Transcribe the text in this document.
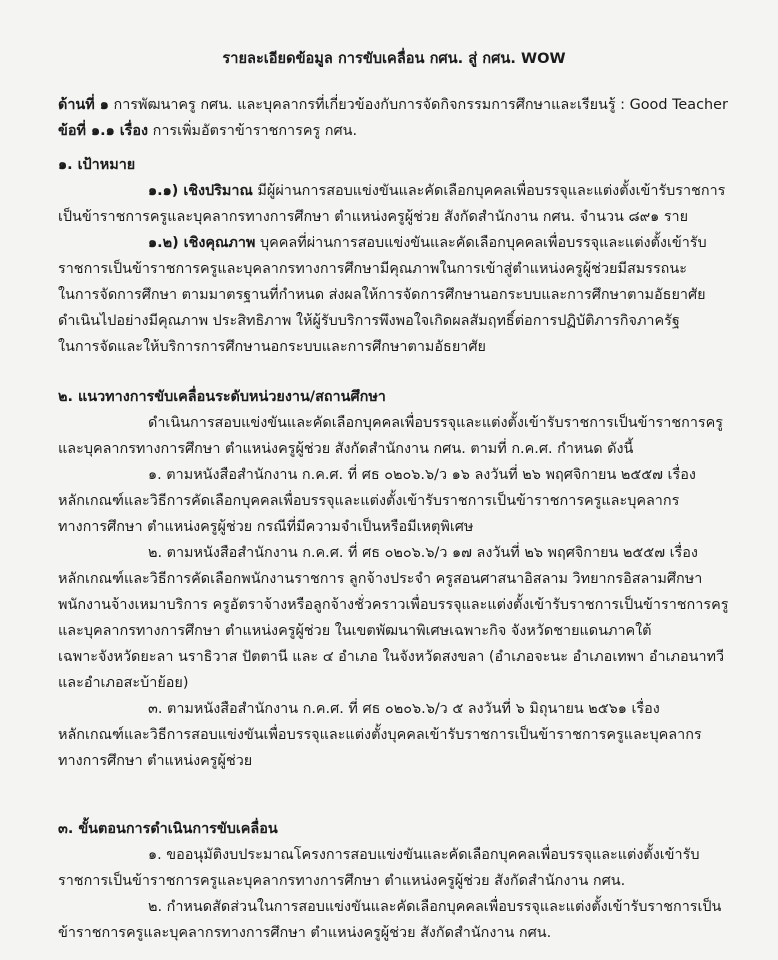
รายละเอียดข้อมูล การขับเคลื่อน กศน. สู่ กศน. WOW

ด้านที่ ๑ การพัฒนาครู กศน. และบุคลากรที่เกี่ยวข้องกับการจัดกิจกรรมการศึกษาและเรียนรู้ : Good Teacher

ข้อที่ ๑.๑ เรื่อง การเพิ่มอัตราข้าราชการครู กศน.

๑. เป้าหมาย

๑.๑) เชิงปริมาณ มีผู้ผ่านการสอบแข่งขันและคัดเลือกบุคคลเพื่อบรรจุและแต่งตั้งเข้ารับราชการ

เป็นข้าราชการครูและบุคลากรทางการศึกษา ตำแหน่งครูผู้ช่วย สังกัดสำนักงาน กศน. จำนวน ๘๙๑ ราย

๑.๒) เชิงคุณภาพ บุคคลที่ผ่านการสอบแข่งขันและคัดเลือกบุคคลเพื่อบรรจุและแต่งตั้งเข้ารับ

ราชการเป็นข้าราชการครูและบุคลากรทางการศึกษามีคุณภาพในการเข้าสู่ตำแหน่งครูผู้ช่วยมีสมรรถนะ

ในการจัดการศึกษา ตามมาตรฐานที่กำหนด ส่งผลให้การจัดการศึกษานอกระบบและการศึกษาตามอัธยาศัย

ดำเนินไปอย่างมีคุณภาพ ประสิทธิภาพ ให้ผู้รับบริการพึงพอใจเกิดผลสัมฤทธิ์ต่อการปฏิบัติภารกิจภาครัฐ

ในการจัดและให้บริการการศึกษานอกระบบและการศึกษาตามอัธยาศัย

๒. แนวทางการขับเคลื่อนระดับหน่วยงาน/สถานศึกษา

ดำเนินการสอบแข่งขันและคัดเลือกบุคคลเพื่อบรรจุและแต่งตั้งเข้ารับราชการเป็นข้าราชการครู

และบุคลากรทางการศึกษา ตำแหน่งครูผู้ช่วย สังกัดสำนักงาน กศน. ตามที่ ก.ค.ศ. กำหนด ดังนี้

๑. ตามหนังสือสำนักงาน ก.ค.ศ. ที่ ศธ ๐๒๐๖.๖/ว ๑๖ ลงวันที่ ๒๖ พฤศจิกายน ๒๕๕๗ เรื่อง

หลักเกณฑ์และวิธีการคัดเลือกบุคคลเพื่อบรรจุและแต่งตั้งเข้ารับราชการเป็นข้าราชการครูและบุคลากร

ทางการศึกษา ตำแหน่งครูผู้ช่วย กรณีที่มีความจำเป็นหรือมีเหตุพิเศษ

๒. ตามหนังสือสำนักงาน ก.ค.ศ. ที่ ศธ ๐๒๐๖.๖/ว ๑๗ ลงวันที่ ๒๖ พฤศจิกายน ๒๕๕๗ เรื่อง

หลักเกณฑ์และวิธีการคัดเลือกพนักงานราชการ ลูกจ้างประจำ ครูสอนศาสนาอิสลาม วิทยากรอิสลามศึกษา

พนักงานจ้างเหมาบริการ ครูอัตราจ้างหรือลูกจ้างชั่วคราวเพื่อบรรจุและแต่งตั้งเข้ารับราชการเป็นข้าราชการครู

และบุคลากรทางการศึกษา ตำแหน่งครูผู้ช่วย ในเขตพัฒนาพิเศษเฉพาะกิจ จังหวัดชายแดนภาคใต้

เฉพาะจังหวัดยะลา นราธิวาส ปัตตานี และ ๔ อำเภอ ในจังหวัดสงขลา (อำเภอจะนะ อำเภอเทพา อำเภอนาทวี

และอำเภอสะบ้าย้อย)

๓. ตามหนังสือสำนักงาน ก.ค.ศ. ที่ ศธ ๐๒๐๖.๖/ว ๕ ลงวันที่ ๖ มิถุนายน ๒๕๖๑ เรื่อง

หลักเกณฑ์และวิธีการสอบแข่งขันเพื่อบรรจุและแต่งตั้งบุคคลเข้ารับราชการเป็นข้าราชการครูและบุคลากร

ทางการศึกษา ตำแหน่งครูผู้ช่วย

๓. ขั้นตอนการดำเนินการขับเคลื่อน

๑. ขออนุมัติงบประมาณโครงการสอบแข่งขันและคัดเลือกบุคคลเพื่อบรรจุและแต่งตั้งเข้ารับ

ราชการเป็นข้าราชการครูและบุคลากรทางการศึกษา ตำแหน่งครูผู้ช่วย สังกัดสำนักงาน กศน.

๒. กำหนดสัดส่วนในการสอบแข่งขันและคัดเลือกบุคคลเพื่อบรรจุและแต่งตั้งเข้ารับราชการเป็น

ข้าราชการครูและบุคลากรทางการศึกษา ตำแหน่งครูผู้ช่วย สังกัดสำนักงาน กศน.
